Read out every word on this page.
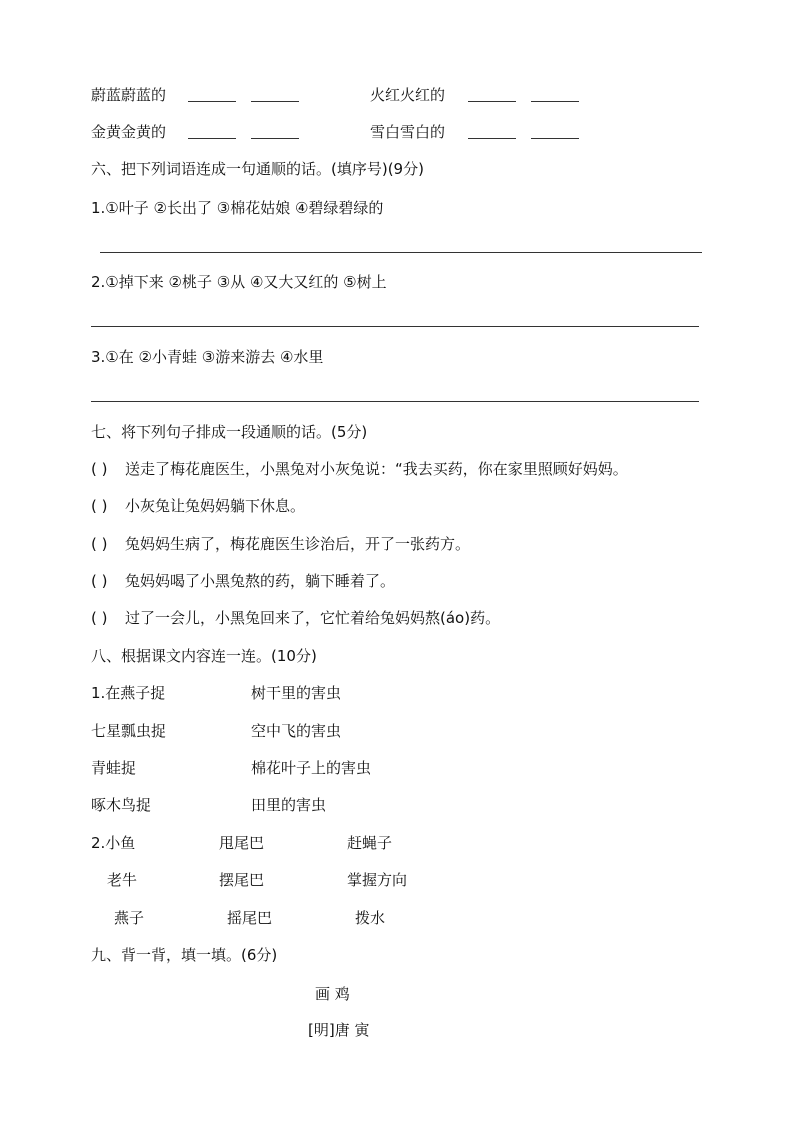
蔚蓝蔚蓝的	火红火红的
金黄金黄的	雪白雪白的
六、把下列词语连成一句通顺的话。(填序号)(9分)
1.①叶子 ②长出了 ③棉花姑娘 ④碧绿碧绿的
2.①掉下来 ②桃子 ③从 ④又大又红的 ⑤树上
3.①在 ②小青蛙 ③游来游去 ④水里
七、将下列句子排成一段通顺的话。(5分)
( ) 送走了梅花鹿医生，小黑兔对小灰兔说：“我去买药，你在家里照顾好妈妈。
( ) 小灰兔让兔妈妈躺下休息。
( ) 兔妈妈生病了，梅花鹿医生诊治后，开了一张药方。
( ) 兔妈妈喝了小黑兔熬的药，躺下睡着了。
( ) 过了一会儿，小黑兔回来了，它忙着给兔妈妈熬(áo)药。
八、根据课文内容连一连。(10分)
1.在燕子捉	树干里的害虫
七星瓢虫捉	空中飞的害虫
青蛙捉	棉花叶子上的害虫
啄木鸟捉	田里的害虫
2.小鱼	甩尾巴	赶蝇子
老牛	摆尾巴	掌握方向
燕子	摇尾巴	拨水
九、背一背，填一填。(6分)
画 鸡
[明]唐 寅
